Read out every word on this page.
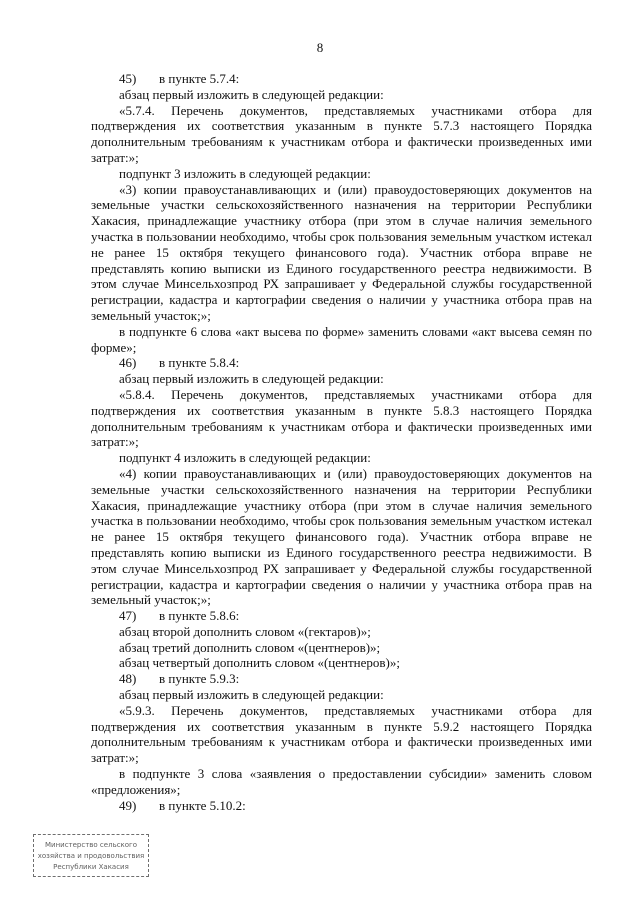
8

45) в пункте 5.7.4:

абзац первый изложить в следующей редакции:

«5.7.4. Перечень документов, представляемых участниками отбора для подтверждения их соответствия указанным в пункте 5.7.3 настоящего Порядка дополнительным требованиям к участникам отбора и фактически произведенных ими затрат:»;

подпункт 3 изложить в следующей редакции:

«3) копии правоустанавливающих и (или) правоудостоверяющих документов на земельные участки сельскохозяйственного назначения на территории Республики Хакасия, принадлежащие участнику отбора (при этом в случае наличия земельного участка в пользовании необходимо, чтобы срок пользования земельным участком истекал не ранее 15 октября текущего финансового года). Участник отбора вправе не представлять копию выписки из Единого государственного реестра недвижимости. В этом случае Минсельхозпрод РХ запрашивает у Федеральной службы государственной регистрации, кадастра и картографии сведения о наличии у участника отбора прав на земельный участок;»;

в подпункте 6 слова «акт высева по форме» заменить словами «акт высева семян по форме»;

46) в пункте 5.8.4:

абзац первый изложить в следующей редакции:

«5.8.4. Перечень документов, представляемых участниками отбора для подтверждения их соответствия указанным в пункте 5.8.3 настоящего Порядка дополнительным требованиям к участникам отбора и фактически произведенных ими затрат:»;

подпункт 4 изложить в следующей редакции:

«4) копии правоустанавливающих и (или) правоудостоверяющих документов на земельные участки сельскохозяйственного назначения на территории Республики Хакасия, принадлежащие участнику отбора (при этом в случае наличия земельного участка в пользовании необходимо, чтобы срок пользования земельным участком истекал не ранее 15 октября текущего финансового года). Участник отбора вправе не представлять копию выписки из Единого государственного реестра недвижимости. В этом случае Минсельхозпрод РХ запрашивает у Федеральной службы государственной регистрации, кадастра и картографии сведения о наличии у участника отбора прав на земельный участок;»;

47) в пункте 5.8.6:

абзац второй дополнить словом «(гектаров)»;

абзац третий дополнить словом «(центнеров)»;

абзац четвертый дополнить словом «(центнеров)»;

48) в пункте 5.9.3:

абзац первый изложить в следующей редакции:

«5.9.3. Перечень документов, представляемых участниками отбора для подтверждения их соответствия указанным в пункте 5.9.2 настоящего Порядка дополнительным требованиям к участникам отбора и фактически произведенных ими затрат:»;

в подпункте 3 слова «заявления о предоставлении субсидии» заменить словом «предложения»;

49) в пункте 5.10.2:

Министерство сельского
хозяйства и продовольствия
Республики Хакасия
